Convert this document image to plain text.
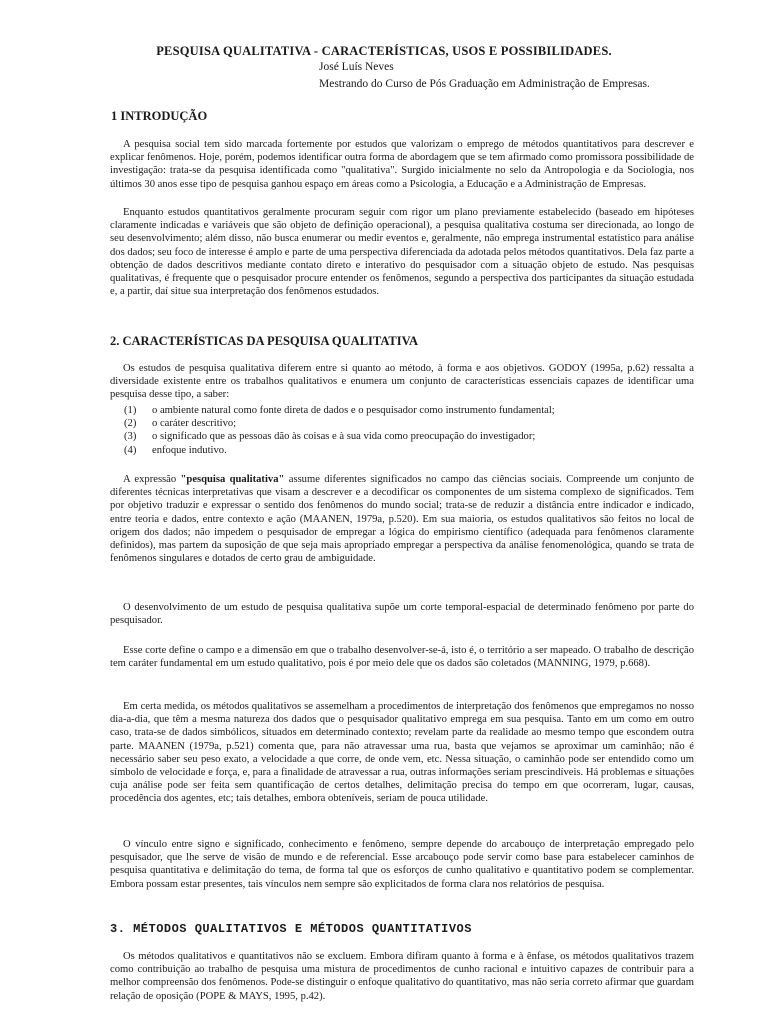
PESQUISA QUALITATIVA - CARACTERÍSTICAS, USOS E POSSIBILIDADES.
José Luís Neves
Mestrando do Curso de Pós Graduação em Administração de Empresas.
1 INTRODUÇÃO

A pesquisa social tem sido marcada fortemente por estudos que valorizam o emprego de métodos quantitativos para descrever e explicar fenômenos. Hoje, porém, podemos identificar outra forma de abordagem que se tem afirmado como promissora possibilidade de investigação: trata-se da pesquisa identificada como "qualitativa". Surgido inicialmente no selo da Antropologia e da Sociologia, nos últimos 30 anos esse tipo de pesquisa ganhou espaço em áreas como a Psicologia, a Educação e a Administração de Empresas.

Enquanto estudos quantitativos geralmente procuram seguir com rigor um plano previamente estabelecido (baseado em hipóteses claramente indicadas e variáveis que são objeto de definição operacional), a pesquisa qualitativa costuma ser direcionada, ao longo de seu desenvolvimento; além disso, não busca enumerar ou medir eventos e, geralmente, não emprega instrumental estatístico para análise dos dados; seu foco de interesse é amplo e parte de uma perspectiva diferenciada da adotada pelos métodos quantitativos. Dela faz parte a obtenção de dados descritivos mediante contato direto e interativo do pesquisador com a situação objeto de estudo. Nas pesquisas qualitativas, é frequente que o pesquisador procure entender os fenômenos, segundo a perspectiva dos participantes da situação estudada e, a partir, daí situe sua interpretação dos fenômenos estudados.

2. CARACTERÍSTICAS DA PESQUISA QUALITATIVA

Os estudos de pesquisa qualitativa diferem entre si quanto ao método, à forma e aos objetivos. GODOY (1995a, p.62) ressalta a diversidade existente entre os trabalhos qualitativos e enumera um conjunto de características essenciais capazes de identificar uma pesquisa desse tipo, a saber:

(1)	o ambiente natural como fonte direta de dados e o pesquisador como instrumento fundamental;
(2)	o caráter descritivo;
(3)	o significado que as pessoas dão às coisas e à sua vida como preocupação do investigador;
(4)	enfoque indutivo.

A expressão "pesquisa qualitativa" assume diferentes significados no campo das ciências sociais. Compreende um conjunto de diferentes técnicas interpretativas que visam a descrever e a decodificar os componentes de um sistema complexo de significados. Tem por objetivo traduzir e expressar o sentido dos fenômenos do mundo social; trata-se de reduzir a distância entre indicador e indicado, entre teoria e dados, entre contexto e ação (MAANEN, 1979a, p.520). Em sua maioria, os estudos qualitativos são feitos no local de origem dos dados; não impedem o pesquisador de empregar a lógica do empirismo científico (adequada para fenômenos claramente definidos), mas partem da suposição de que seja mais apropriado empregar a perspectiva da análise fenomenológica, quando se trata de fenômenos singulares e dotados de certo grau de ambiguidade.

O desenvolvimento de um estudo de pesquisa qualitativa supõe um corte temporal-espacial de determinado fenômeno por parte do pesquisador.

Esse corte define o campo e a dimensão em que o trabalho desenvolver-se-á, isto é, o território a ser mapeado. O trabalho de descrição tem caráter fundamental em um estudo qualitativo, pois é por meio dele que os dados são coletados (MANNING, 1979, p.668).

Em certa medida, os métodos qualitativos se assemelham a procedimentos de interpretação dos fenômenos que empregamos no nosso dia-a-dia, que têm a mesma natureza dos dados que o pesquisador qualitativo emprega em sua pesquisa. Tanto em um como em outro caso, trata-se de dados simbólicos, situados em determinado contexto; revelam parte da realidade ao mesmo tempo que escondem outra parte. MAANEN (1979a, p.521) comenta que, para não atravessar uma rua, basta que vejamos se aproximar um caminhão; não é necessário saber seu peso exato, a velocidade a que corre, de onde vem, etc. Nessa situação, o caminhão pode ser entendido como um símbolo de velocidade e força, e, para a finalidade de atravessar a rua, outras informações seriam prescindíveis. Há problemas e situações cuja análise pode ser feita sem quantificação de certos detalhes, delimitação precisa do tempo em que ocorreram, lugar, causas, procedência dos agentes, etc; tais detalhes, embora obteníveis, seriam de pouca utilidade.

O vínculo entre signo e significado, conhecimento e fenômeno, sempre depende do arcabouço de interpretação empregado pelo pesquisador, que lhe serve de visão de mundo e de referencial. Esse arcabouço pode servir como base para estabelecer caminhos de pesquisa quantitativa e delimitação do tema, de forma tal que os esforços de cunho qualitativo e quantitativo podem se complementar. Embora possam estar presentes, tais vínculos nem sempre são explicitados de forma clara nos relatórios de pesquisa.

3. MÉTODOS QUALITATIVOS E MÉTODOS QUANTITATIVOS

Os métodos qualitativos e quantitativos não se excluem. Embora difiram quanto à forma e à ênfase, os métodos qualitativos trazem como contribuição ao trabalho de pesquisa uma mistura de procedimentos de cunho racional e intuitivo capazes de contribuir para a melhor compreensão dos fenômenos. Pode-se distinguir o enfoque qualitativo do quantitativo, mas não seria correto afirmar que guardam relação de oposição (POPE & MAYS, 1995, p.42).
